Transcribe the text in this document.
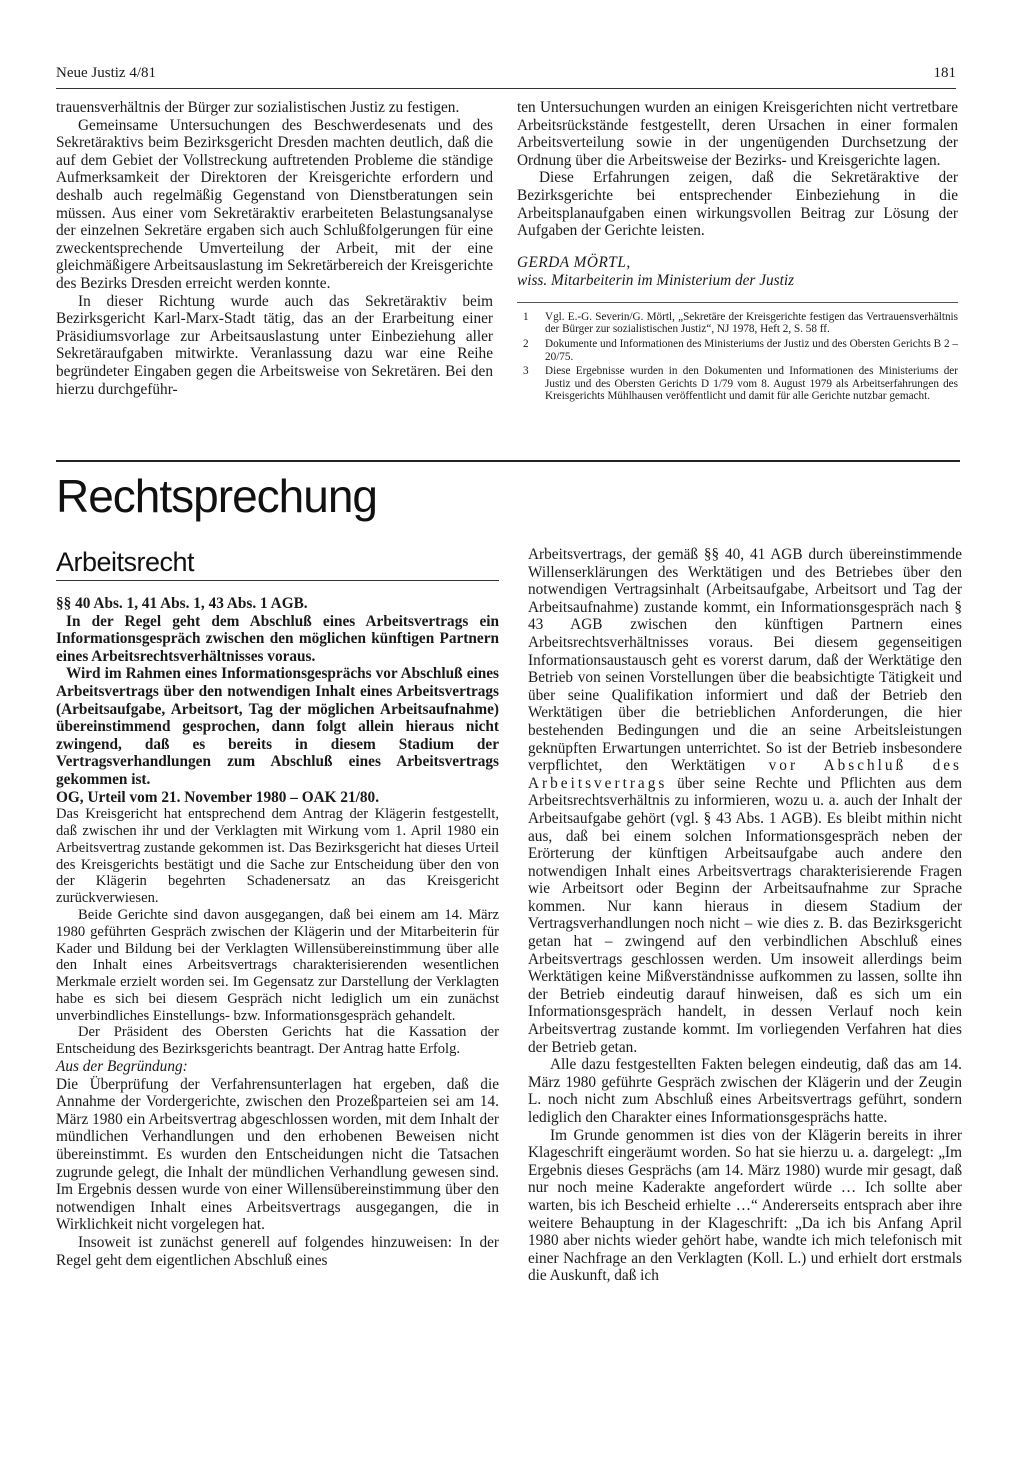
Neue Justiz 4/81	181

trauensverhältnis der Bürger zur sozialistischen Justiz zu festigen.

Gemeinsame Untersuchungen des Beschwerdesenats und des Sekretäraktivs beim Bezirksgericht Dresden machten deutlich, daß die auf dem Gebiet der Vollstreckung auftretenden Probleme die ständige Aufmerksamkeit der Direktoren der Kreisgerichte erfordern und deshalb auch regelmäßig Gegenstand von Dienstberatungen sein müssen. Aus einer vom Sekretäraktiv erarbeiteten Belastungsanalyse der einzelnen Sekretäre ergaben sich auch Schlußfolgerungen für eine zweckentsprechende Umverteilung der Arbeit, mit der eine gleichmäßigere Arbeitsauslastung im Sekretärbereich der Kreisgerichte des Bezirks Dresden erreicht werden konnte.

In dieser Richtung wurde auch das Sekretäraktiv beim Bezirksgericht Karl-Marx-Stadt tätig, das an der Erarbeitung einer Präsidiumsvorlage zur Arbeitsauslastung unter Einbeziehung aller Sekretäraufgaben mitwirkte. Veranlassung dazu war eine Reihe begründeter Eingaben gegen die Arbeitsweise von Sekretären. Bei den hierzu durchgeführ-

ten Untersuchungen wurden an einigen Kreisgerichten nicht vertretbare Arbeitsrückstände festgestellt, deren Ursachen in einer formalen Arbeitsverteilung sowie in der ungenügenden Durchsetzung der Ordnung über die Arbeitsweise der Bezirks- und Kreisgerichte lagen.

Diese Erfahrungen zeigen, daß die Sekretäraktive der Bezirksgerichte bei entsprechender Einbeziehung in die Arbeitsplanaufgaben einen wirkungsvollen Beitrag zur Lösung der Aufgaben der Gerichte leisten.

GERDA MÖRTL,
wiss. Mitarbeiterin im Ministerium der Justiz
1 Vgl. E.-G. Severin/G. Mörtl, „Sekretäre der Kreisgerichte festigen das Vertrauensverhältnis der Bürger zur sozialistischen Justiz“, NJ 1978, Heft 2, S. 58 ff.
2 Dokumente und Informationen des Ministeriums der Justiz und des Obersten Gerichts B 2 – 20/75.
3 Diese Ergebnisse wurden in den Dokumenten und Informationen des Ministeriums der Justiz und des Obersten Gerichts D 1/79 vom 8. August 1979 als Arbeitserfahrungen des Kreisgerichts Mühlhausen veröffentlicht und damit für alle Gerichte nutzbar gemacht.
Rechtsprechung
Arbeitsrecht

§§ 40 Abs. 1, 41 Abs. 1, 43 Abs. 1 AGB.

In der Regel geht dem Abschluß eines Arbeitsvertrags ein Informationsgespräch zwischen den möglichen künftigen Partnern eines Arbeitsrechtsverhältnisses voraus.

Wird im Rahmen eines Informationsgesprächs vor Abschluß eines Arbeitsvertrags über den notwendigen Inhalt eines Arbeitsvertrags (Arbeitsaufgabe, Arbeitsort, Tag der möglichen Arbeitsaufnahme) übereinstimmend gesprochen, dann folgt allein hieraus nicht zwingend, daß es bereits in diesem Stadium der Vertragsverhandlungen zum Abschluß eines Arbeitsvertrags gekommen ist.

OG, Urteil vom 21. November 1980 – OAK 21/80.

Das Kreisgericht hat entsprechend dem Antrag der Klägerin festgestellt, daß zwischen ihr und der Verklagten mit Wirkung vom 1. April 1980 ein Arbeitsvertrag zustande gekommen ist. Das Bezirksgericht hat dieses Urteil des Kreisgerichts bestätigt und die Sache zur Entscheidung über den von der Klägerin begehrten Schadenersatz an das Kreisgericht zurückverwiesen.

Beide Gerichte sind davon ausgegangen, daß bei einem am 14. März 1980 geführten Gespräch zwischen der Klägerin und der Mitarbeiterin für Kader und Bildung bei der Verklagten Willensübereinstimmung über alle den Inhalt eines Arbeitsvertrags charakterisierenden wesentlichen Merkmale erzielt worden sei. Im Gegensatz zur Darstellung der Verklagten habe es sich bei diesem Gespräch nicht lediglich um ein zunächst unverbindliches Einstellungs- bzw. Informationsgespräch gehandelt.

Der Präsident des Obersten Gerichts hat die Kassation der Entscheidung des Bezirksgerichts beantragt. Der Antrag hatte Erfolg.

Aus der Begründung:

Die Überprüfung der Verfahrensunterlagen hat ergeben, daß die Annahme der Vordergerichte, zwischen den Prozeßparteien sei am 14. März 1980 ein Arbeitsvertrag abgeschlossen worden, mit dem Inhalt der mündlichen Verhandlungen und den erhobenen Beweisen nicht übereinstimmt. Es wurden den Entscheidungen nicht die Tatsachen zugrunde gelegt, die Inhalt der mündlichen Verhandlung gewesen sind. Im Ergebnis dessen wurde von einer Willensübereinstimmung über den notwendigen Inhalt eines Arbeitsvertrags ausgegangen, die in Wirklichkeit nicht vorgelegen hat.

Insoweit ist zunächst generell auf folgendes hinzuweisen: In der Regel geht dem eigentlichen Abschluß eines

Arbeitsvertrags, der gemäß §§ 40, 41 AGB durch übereinstimmende Willenserklärungen des Werktätigen und des Betriebes über den notwendigen Vertragsinhalt (Arbeitsaufgabe, Arbeitsort und Tag der Arbeitsaufnahme) zustande kommt, ein Informationsgespräch nach § 43 AGB zwischen den künftigen Partnern eines Arbeitsrechtsverhältnisses voraus. Bei diesem gegenseitigen Informationsaustausch geht es vorerst darum, daß der Werktätige den Betrieb von seinen Vorstellungen über die beabsichtigte Tätigkeit und über seine Qualifikation informiert und daß der Betrieb den Werktätigen über die betrieblichen Anforderungen, die hier bestehenden Bedingungen und die an seine Arbeitsleistungen geknüpften Erwartungen unterrichtet. So ist der Betrieb insbesondere verpflichtet, den Werktätigen vor Abschluß des Arbeitsvertrags über seine Rechte und Pflichten aus dem Arbeitsrechtsverhältnis zu informieren, wozu u. a. auch der Inhalt der Arbeitsaufgabe gehört (vgl. § 43 Abs. 1 AGB). Es bleibt mithin nicht aus, daß bei einem solchen Informationsgespräch neben der Erörterung der künftigen Arbeitsaufgabe auch andere den notwendigen Inhalt eines Arbeitsvertrags charakterisierende Fragen wie Arbeitsort oder Beginn der Arbeitsaufnahme zur Sprache kommen. Nur kann hieraus in diesem Stadium der Vertragsverhandlungen noch nicht – wie dies z. B. das Bezirksgericht getan hat – zwingend auf den verbindlichen Abschluß eines Arbeitsvertrags geschlossen werden. Um insoweit allerdings beim Werktätigen keine Mißverständnisse aufkommen zu lassen, sollte ihn der Betrieb eindeutig darauf hinweisen, daß es sich um ein Informationsgespräch handelt, in dessen Verlauf noch kein Arbeitsvertrag zustande kommt. Im vorliegenden Verfahren hat dies der Betrieb getan.

Alle dazu festgestellten Fakten belegen eindeutig, daß das am 14. März 1980 geführte Gespräch zwischen der Klägerin und der Zeugin L. noch nicht zum Abschluß eines Arbeitsvertrags geführt, sondern lediglich den Charakter eines Informationsgesprächs hatte.

Im Grunde genommen ist dies von der Klägerin bereits in ihrer Klageschrift eingeräumt worden. So hat sie hierzu u. a. dargelegt: „Im Ergebnis dieses Gesprächs (am 14. März 1980) wurde mir gesagt, daß nur noch meine Kaderakte angefordert würde … Ich sollte aber warten, bis ich Bescheid erhielte …“ Andererseits entsprach aber ihre weitere Behauptung in der Klageschrift: „Da ich bis Anfang April 1980 aber nichts wieder gehört habe, wandte ich mich telefonisch mit einer Nachfrage an den Verklagten (Koll. L.) und erhielt dort erstmals die Auskunft, daß ich
